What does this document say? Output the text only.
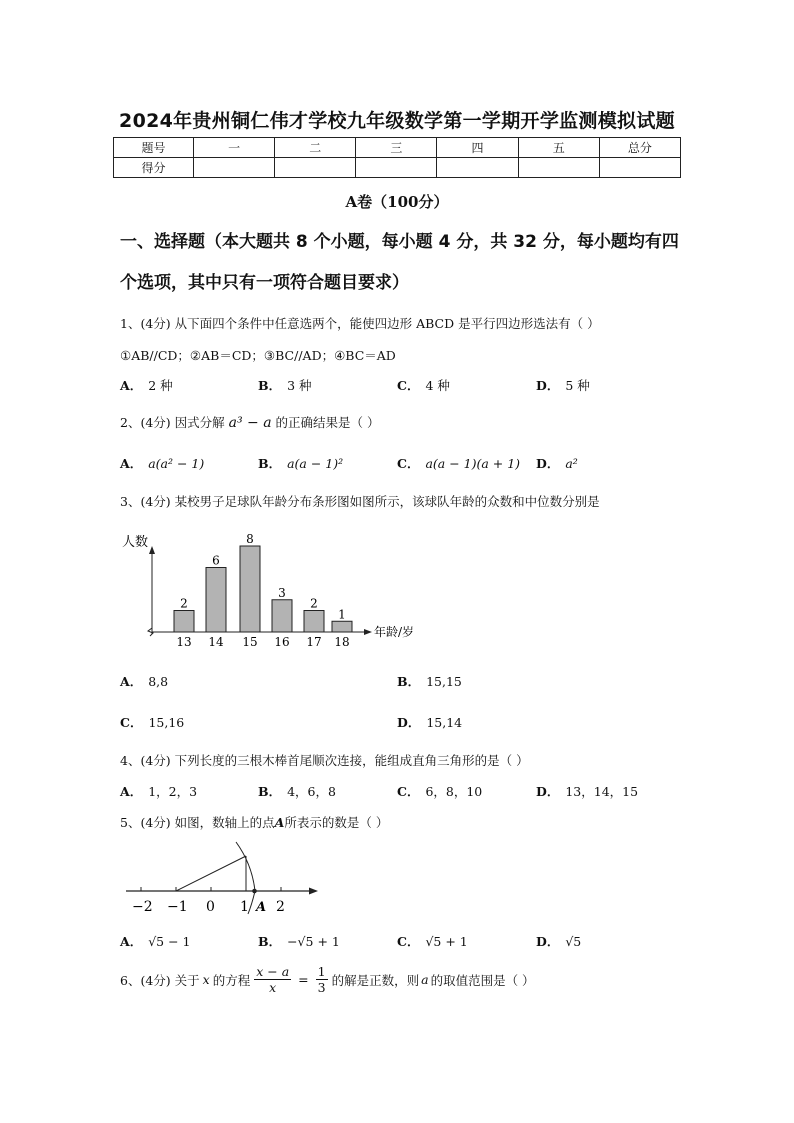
2024年贵州铜仁伟才学校九年级数学第一学期开学监测模拟试题
题号	一	二	三	四	五	总分
得分						
A卷（100分）
一、选择题（本大题共 8 个小题，每小题 4 分，共 32 分，每小题均有四个选项，其中只有一项符合题目要求）
1、(4分) 从下面四个条件中任意选两个，能使四边形 ABCD 是平行四边形选法有（ ）
①AB//CD；②AB＝CD；③BC//AD；④BC＝AD
A． 2 种	B． 3 种	C． 4 种	D． 5 种
2、(4分) 因式分解 a³ − a 的正确结果是（ ）
A． a(a² − 1)	B． a(a − 1)²	C． a(a − 1)(a + 1) D． a²
3、(4分) 某校男子足球队年龄分布条形图如图所示，该球队年龄的众数和中位数分别是
人数
年龄/岁
2
13
6
14
8
15
3
16
2
17
1
18
A． 8,8	B． 15,15
C． 15,16	D． 15,14
4、(4分) 下列长度的三根木棒首尾顺次连接，能组成直角三角形的是（ ）
A． 1，2，3	B． 4，6，8	C． 6，8，10	D． 13，14，15
5、(4分) 如图，数轴上的点A所表示的数是（ ）
−2 −1 0 1 A 2
A． √5 − 1	B． −√5 + 1	C． √5 + 1	D． √5
6、(4分) 关于 x 的方程 $\frac{x - a}{x} = \frac{1}{3}$ 的解是正数，则 a 的取值范围是（ ）
